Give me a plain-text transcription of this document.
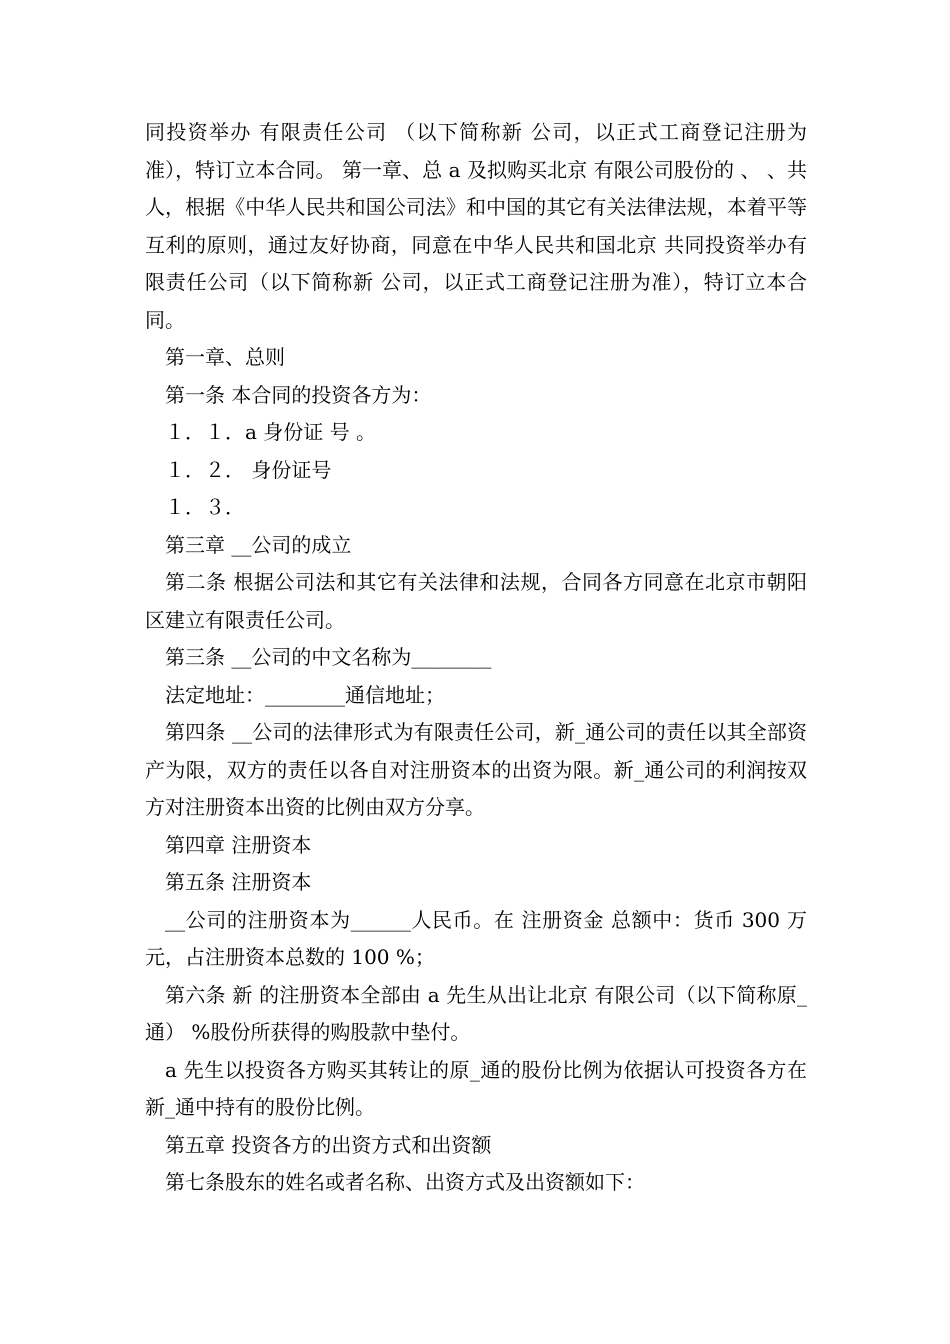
同投资举办 有限责任公司 （以下简称新 公司，以正式工商登记注册为准），特订立本合同。 第一章、总 a 及拟购买北京 有限公司股份的 、 、共 人，根据《中华人民共和国公司法》和中国的其它有关法律法规，本着平等互利的原则，通过友好协商，同意在中华人民共和国北京 共同投资举办有限责任公司（以下简称新 公司，以正式工商登记注册为准），特订立本合同。

第一章、总则

第一条 本合同的投资各方为：

１．１．a 身份证 号 。

１．２． 身份证号

１．３．

第三章 __公司的成立

第二条 根据公司法和其它有关法律和法规，合同各方同意在北京市朝阳区建立有限责任公司。

第三条 __公司的中文名称为________

法定地址：________通信地址；

第四条 __公司的法律形式为有限责任公司，新_通公司的责任以其全部资产为限，双方的责任以各自对注册资本的出资为限。新_通公司的利润按双方对注册资本出资的比例由双方分享。

第四章 注册资本

第五条 注册资本

__公司的注册资本为______人民币。在 注册资金 总额中：货币 300 万元，占注册资本总数的 100 %；

第六条 新 的注册资本全部由 a 先生从出让北京 有限公司（以下简称原_通） %股份所获得的购股款中垫付。

a 先生以投资各方购买其转让的原_通的股份比例为依据认可投资各方在新_通中持有的股份比例。

第五章 投资各方的出资方式和出资额

第七条股东的姓名或者名称、出资方式及出资额如下：
